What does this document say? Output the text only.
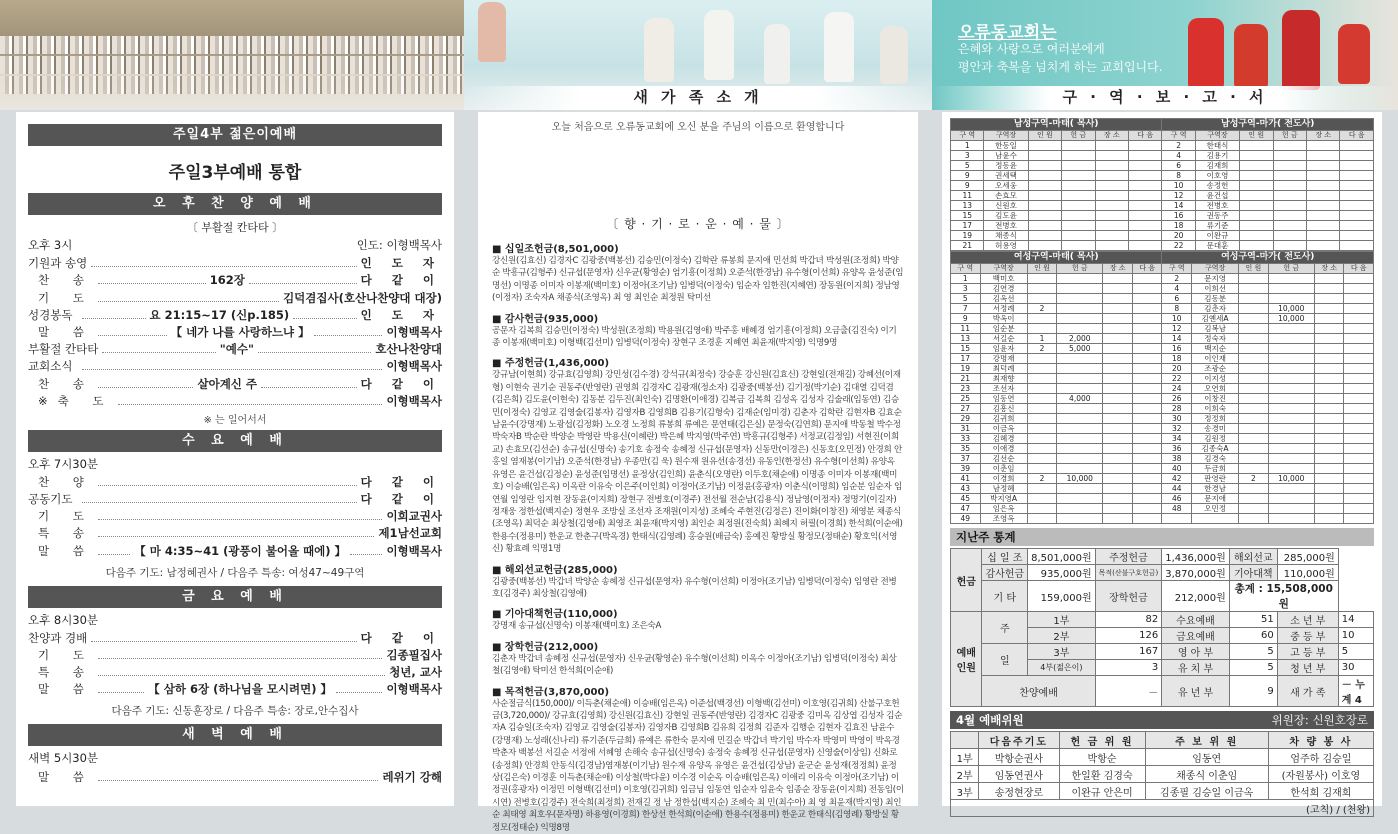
새 가 족 소 개
오류동교회는
은혜와 사랑으로 여러분에게
평안과 축복을 넘치게 하는 교회입니다.
구 · 역 · 보 · 고 · 서
주일4부 젊은이예배
주일3부예배 통합
오 후 찬 양 예 배
〔 부활절 칸타타 〕
오후 3시	인도: 이형백목사
기원과 송영	인 도 자
찬 송	162장	다 같 이
기 도	김덕겸집사(호산나찬양대 대장)
성경봉독	요 21:15~17 (신p.185)	인 도 자
말 씀	【 네가 나를 사랑하느냐 】	이형백목사
부활절 칸타타	"예수"	호산나찬양대
교회소식	이형백목사
찬 송	살아계신 주	다 같 이
※축 도	이형백목사
※ 는 일어서서
수 요 예 배
오후 7시30분
찬 양	다 같 이
공동기도	다 같 이
기 도	이희교권사
특 송	제1남선교회
말 씀	【 마 4:35~41 (광풍이 불어올 때에) 】	이형백목사
다음주 기도: 남정혜권사 / 다음주 특송: 여성47~49구역
금 요 예 배
오후 8시30분
찬양과 경배	다 같 이
기 도	김종필집사
특 송	청년, 교사
말 씀	【 삼하 6장 (하나님을 모시려면) 】	이형백목사
다음주 기도: 신동훈장로 / 다음주 특송: 장로,안수집사
새 벽 예 배
새벽 5시30분
말 씀	레위기 강해
오늘 처음으로 오류동교회에 오신 분을 주님의 이름으로 환영합니다
〔 향 · 기 · 로 · 운 · 예 · 물 〕
■ 십일조헌금(8,501,000)

강신원(김효신) 김경자C 김광중(백봉선) 김승민(이정숙) 김학란 류봉희 문지애 민선희 박갑녀 박성원(조정희) 박양순 박흥규(김형주) 신규섭(문영자) 신우균(황영순) 엄기흥(이정희) 오준석(한경남) 유수형(이선희) 유양옥 윤성준(임명선) 이명종 이미자 이봉재(백미호) 이정아(조기남) 임병덕(이정숙) 임순자 임한진(지혜연) 장동원(이지희) 정남영(이정자) 조숙자A 채종식(조영옥) 최 영 최인순 최정원 탁미선

■ 감사헌금(935,000)

공문자 김복희 김승민(이정숙) 박성원(조정희) 박용원(김영애) 박주홍 배혜경 엄기흥(이정희) 오금출(김진숙) 이기종 이봉재(백미호) 이형백(김선미) 임병덕(이정숙) 장현구 조경훈 지혜연 최윤재(박지영) 익명9명

■ 주정헌금(1,436,000)

강규남(이현희) 강규효(김영희) 강민성(김수경) 강석규(최정숙) 강승훈 강신원(김효신) 강현일(전재길) 강혜선(이재형) 이현숙 권기순 권동주(반영란) 권영희 김경자C 김광재(정소자) 김광중(백봉선) 김기정(박기순) 김대열 김덕겸(김은희) 김도윤(이현숙) 김동분 김두진(최인숙) 김명환(이애경) 김복금 김복희 김성옥 김성자 김술래(임동연) 김승민(이정숙) 김영교 김영술(김봉자) 김영자B 김영희B 김용기(김형숙) 김재순(임미경) 김춘자 김학란 김현자B 김효순 남윤수(강명재) 노광섭(김정화) 노오경 노정희 류봉희 류예은 문연태(김은실) 문정숙(김연희) 문지애 박동철 박수정 박숙자B 박순란 박양순 박영란 박용신(이혜란) 박은혜 박지영(박주연) 박흥규(김형주) 서정교(김정임) 서현진(이희교) 손효모(김선순) 송규섭(신명숙) 송기호 송정숙 송혜정 신규섭(문영자) 신동만(이경은) 신동호(오민정) 안경희 안홍일 염재봉(이기남) 오준석(한경남) 우종만(김 욱) 원수재 원유선(송경선) 유동인(한정선) 유수형(이선희) 유양옥 유영은 윤건섭(김정순) 윤성준(임명선) 윤정상(김인희) 윤춘식(오명란) 이두호(채순애) 이명종 이미자 이봉재(백미호) 이승배(임은옥) 이옥란 이유숙 이은주(이인희) 이정아(조기남) 이정윤(홍광자) 이춘식(이명희) 임순분 임순자 임연월 임영란 임지현 장동윤(이지희) 장현구 전병호(이경주) 전선월 전순남(김용식) 정남영(이정자) 정명기(이길자) 정재웅 정한섭(백지순) 정현우 조방실 조선자 조재원(이지성) 조혜숙 주현진(김정은) 진이화(이창진) 채영분 채종식(조영옥) 최덕순 최상철(김영애) 최영조 최윤재(박지영) 최인순 최정원(진숙희) 최혜지 허필(이경희) 한석희(이순애) 한용수(정용미) 한운교 한춘구(박옥경) 한태식(김영례) 홍승원(배금숙) 홍예진 황방실 황정모(정태순) 황호익(서영신) 황효례 익명1명

■ 해외선교헌금(285,000)

김광중(백봉선) 박갑녀 박양순 송혜정 신규섭(문영자) 유수형(이선희) 이정아(조기남) 임병덕(이정숙) 임영란 전병호(김경주) 최상철(김영애)

■ 기아대책헌금(110,000)

강명재 송규섭(신명숙) 이봉재(백미호) 조은숙A

■ 장학헌금(212,000)

김춘자 박갑녀 송혜정 신규섭(문영자) 신우균(황영순) 유수형(이선희) 이옥수 이정아(조기남) 임병덕(이정숙) 최상철(김영애) 탁미선 한석희(이순애)

■ 목적헌금(3,870,000)

사순절금식(150,000)/ 이득춘(채순애) 이승배(임은옥) 이준섭(백경선) 이형백(김선미) 이호영(김귀희) 산불구호헌금(3,720,000)/ 강규효(김영희) 강신원(김효신) 강현일 권동주(반영란) 김경자C 김광중 김미옥 김상엽 김성자 김순자A 김승일(조숙자) 김영교 김영술(김봉자) 김영자B 김영희B 김유희 김정희 김준자 김행순 김현자 김효진 남윤수(강명재) 노성래(신나리) 류기준(두금희) 류예은 류한숙 문지애 민길순 박갑녀 박기임 박수자 박영미 박영이 박옥경 박춘자 백봉선 서길순 서정애 서혜영 손해숙 송규섭(신명숙) 송정숙 송혜정 신규섭(문영자) 신영술(이상임) 신화로(송정희) 안경희 안동식(김경남)염재봉(이기남) 원수재 유양옥 유영은 윤건섭(김상남) 윤군순 윤성재(정정희) 윤정상(김은숙) 이경훈 이득춘(채순애) 이상철(박다윤) 이수경 이순옥 이승배(임은옥) 이애리 이유숙 이정아(조기남) 이정권(홍광자) 이정민 이형백(김선미) 이호영(김귀희) 임금님 임동연 임순자 임윤숙 임종순 장동윤(이지희) 전동임(이시연) 전병호(김경주) 전숙희(최정희) 전재길 정 남 정한섭(백지순) 조혜숙 최 민(최수아) 최 영 최윤재(박지영) 최인순 최태영 최호우(문자명) 하용영(이경희) 한상선 한석희(이순애) 한용수(정용미) 한운교 한태식(김영례) 황방실 황정모(정태순) 익명8명

남성구역-마태( 목사)						남성구역-마가( 전도사)					
구 역	구역장	인 원	헌 금	장 소	다 음	구 역	구역장	인 원	헌 금	장 소	다 음
1	한동일					2	한태식				
3	남윤수					4	김용기				
5	정동윤					6	김재희				
9	권세택					8	이호영				
9	오세웅					10	송정헌				
11	손효모					12	윤건섭				
13	신원호					14	전병호				
15	김도윤					16	권동주				
17	전병호					18	류기준				
19	채종식					20	이완규				
21	허용영					22	문대훈				
여성구역-마태( 목사)						여성구역-마가( 전도사)					
구 역	구역장	인 원	헌 금	장 소	다 음	구 역	구역장	인 원	헌 금	장 소	다 음
1	백미호					2	문지영				
3	김연경					4	이희선				
5	김옥선					6	김동분				
7	서정례	2				8	김춘자		10,000		
9	박옥이					10	김옌세A		10,000		
11	임순분					12	김복남				
13	서길순	1	2,000			14	정숙자				
15	임윤자	2	5,000			16	백지순				
17	강명재					18	이인재				
19	최덕례					20	조광순				
21	최재향					22	이지성				
23	조선자					24	오연희				
25	임동연		4,000			26	이창진				
27	김흥신					28	이희숙				
29	김귀희					30	정정희				
31	이금옥					32	송경미				
33	김혜경					34	김원정				
35	이애경					36	김종숙A				
37	김선순					38	김경숙				
39	이춘임					40	두금희				
41	이경희	2	10,000			42	판영란	2	10,000		
43	남정혜					44	한경남				
45	박지영A					46	문지애				
47	임은옥					48	오민정				
49	조영옥										
지난주 통계
헌금	십 일 조	8,501,000원	주정헌금	1,436,000원	해외선교	285,000원	
	감사헌금	935,000원	목적(산불구호헌금)	3,870,000원	기아대책	110,000원	
	기 타	159,000원	장학헌금	212,000원	총계 : 15,508,000원		
예배 인원	주	1부	82	수요예배	51	소 년 부	14
		2부	126	금요예배	60	중 등 부	10
	일	3부	167	영 아 부	5	고 등 부	5
		4부(젊은이)	3	유 치 부	5	청 년 부	30
	찬양예배		－	유 년 부	9	새 가 족	－ 누 계 4
4월 예배위원	위원장: 신원호장로
	다음주기도	헌 금 위 원	주 보 위 원	차 량 봉 사
1부	박항순권사	박항순	임동연	엄주하 김승일
2부	임동연권사	한일환 김경숙	채종식 이춘임	(자원봉사) 이호영
3부	송정현장로	이완규 안은미	김종필 김승일 이금옥	한석희 김재희
(고칙) / (천왕)				
